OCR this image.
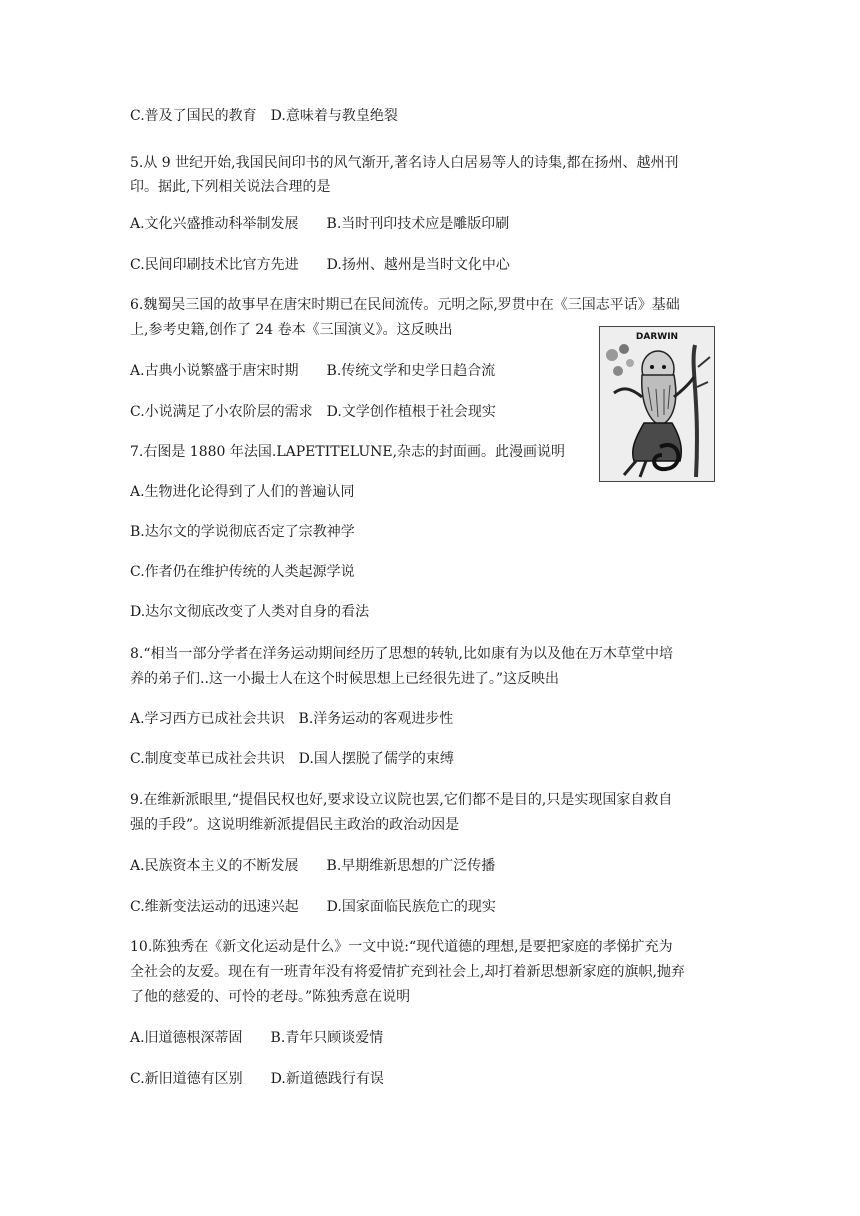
C.普及了国民的教育　D.意味着与教皇绝裂
5.从 9 世纪开始,我国民间印书的风气渐开,著名诗人白居易等人的诗集,都在扬州、越州刊
印。据此,下列相关说法合理的是
A.文化兴盛推动科举制发展　　B.当时刊印技术应是雕版印刷
C.民间印刷技术比官方先进　　D.扬州、越州是当时文化中心
6.魏蜀吴三国的故事早在唐宋时期已在民间流传。元明之际,罗贯中在《三国志平话》基础
上,参考史籍,创作了 24 卷本《三国演义》。这反映出
A.古典小说繁盛于唐宋时期　　B.传统文学和史学日趋合流
C.小说满足了小农阶层的需求　D.文学创作植根于社会现实
7.右图是 1880 年法国.LAPETITELUNE,杂志的封面画。此漫画说明
A.生物进化论得到了人们的普遍认同
B.达尔文的学说彻底否定了宗教神学
C.作者仍在维护传统的人类起源学说
D.达尔文彻底改变了人类对自身的看法
8.“相当一部分学者在洋务运动期间经历了思想的转轨,比如康有为以及他在万木草堂中培
养的弟子们..这一小撮士人在这个时候思想上已经很先进了。”这反映出
A.学习西方已成社会共识　B.洋务运动的客观进步性
C.制度变革已成社会共识　D.国人摆脱了儒学的束缚
9.在维新派眼里,“提倡民权也好,要求设立议院也罢,它们都不是目的,只是实现国家自救自
强的手段”。这说明维新派提倡民主政治的政治动因是
A.民族资本主义的不断发展　　B.早期维新思想的广泛传播
C.维新变法运动的迅速兴起　　D.国家面临民族危亡的现实
10.陈独秀在《新文化运动是什么》一文中说:“现代道德的理想,是要把家庭的孝悌扩充为
全社会的友爱。现在有一班青年没有将爱情扩充到社会上,却打着新思想新家庭的旗帜,抛弃
了他的慈爱的、可怜的老母。”陈独秀意在说明
A.旧道德根深蒂固　　B.青年只顾谈爱情
C.新旧道德有区别　　D.新道德践行有误
DARWIN
